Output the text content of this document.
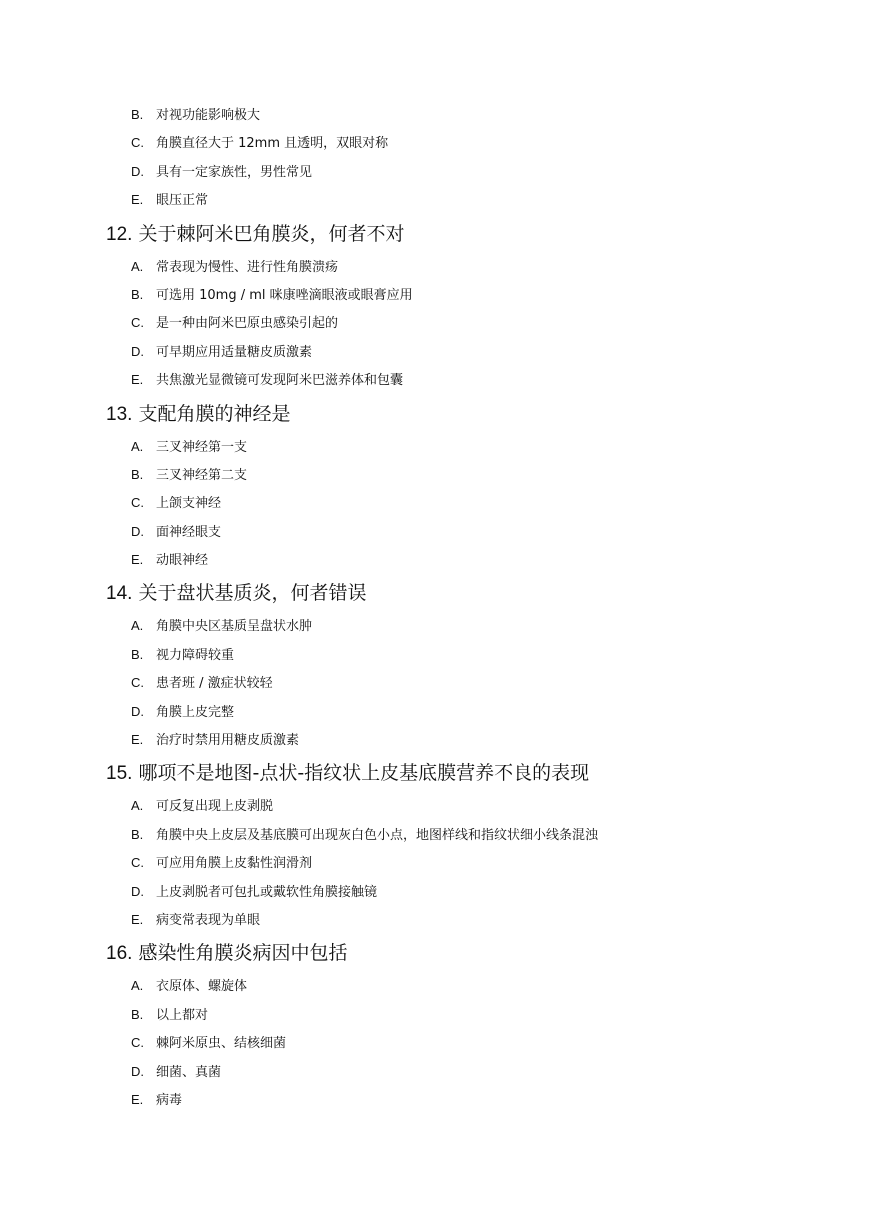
B. 对视功能影响极大
C. 角膜直径大于 12mm 且透明，双眼对称
D. 具有一定家族性，男性常见
E. 眼压正常
12. 关于棘阿米巴角膜炎，何者不对
A. 常表现为慢性、进行性角膜溃疡
B. 可选用 10mg / ml 咪康唑滴眼液或眼膏应用
C. 是一种由阿米巴原虫感染引起的
D. 可早期应用适量糖皮质激素
E. 共焦激光显微镜可发现阿米巴滋养体和包囊
13. 支配角膜的神经是
A. 三叉神经第一支
B. 三叉神经第二支
C. 上颌支神经
D. 面神经眼支
E. 动眼神经
14. 关于盘状基质炎，何者错误
A. 角膜中央区基质呈盘状水肿
B. 视力障碍较重
C. 患者班 / 激症状较轻
D. 角膜上皮完整
E. 治疗时禁用用糖皮质激素
15. 哪项不是地图-点状-指纹状上皮基底膜营养不良的表现
A. 可反复出现上皮剥脱
B. 角膜中央上皮层及基底膜可出现灰白色小点，地图样线和指纹状细小线条混浊
C. 可应用角膜上皮黏性润滑剂
D. 上皮剥脱者可包扎或戴软性角膜接触镜
E. 病变常表现为单眼
16. 感染性角膜炎病因中包括
A. 衣原体、螺旋体
B. 以上都对
C. 棘阿米原虫、结核细菌
D. 细菌、真菌
E. 病毒
